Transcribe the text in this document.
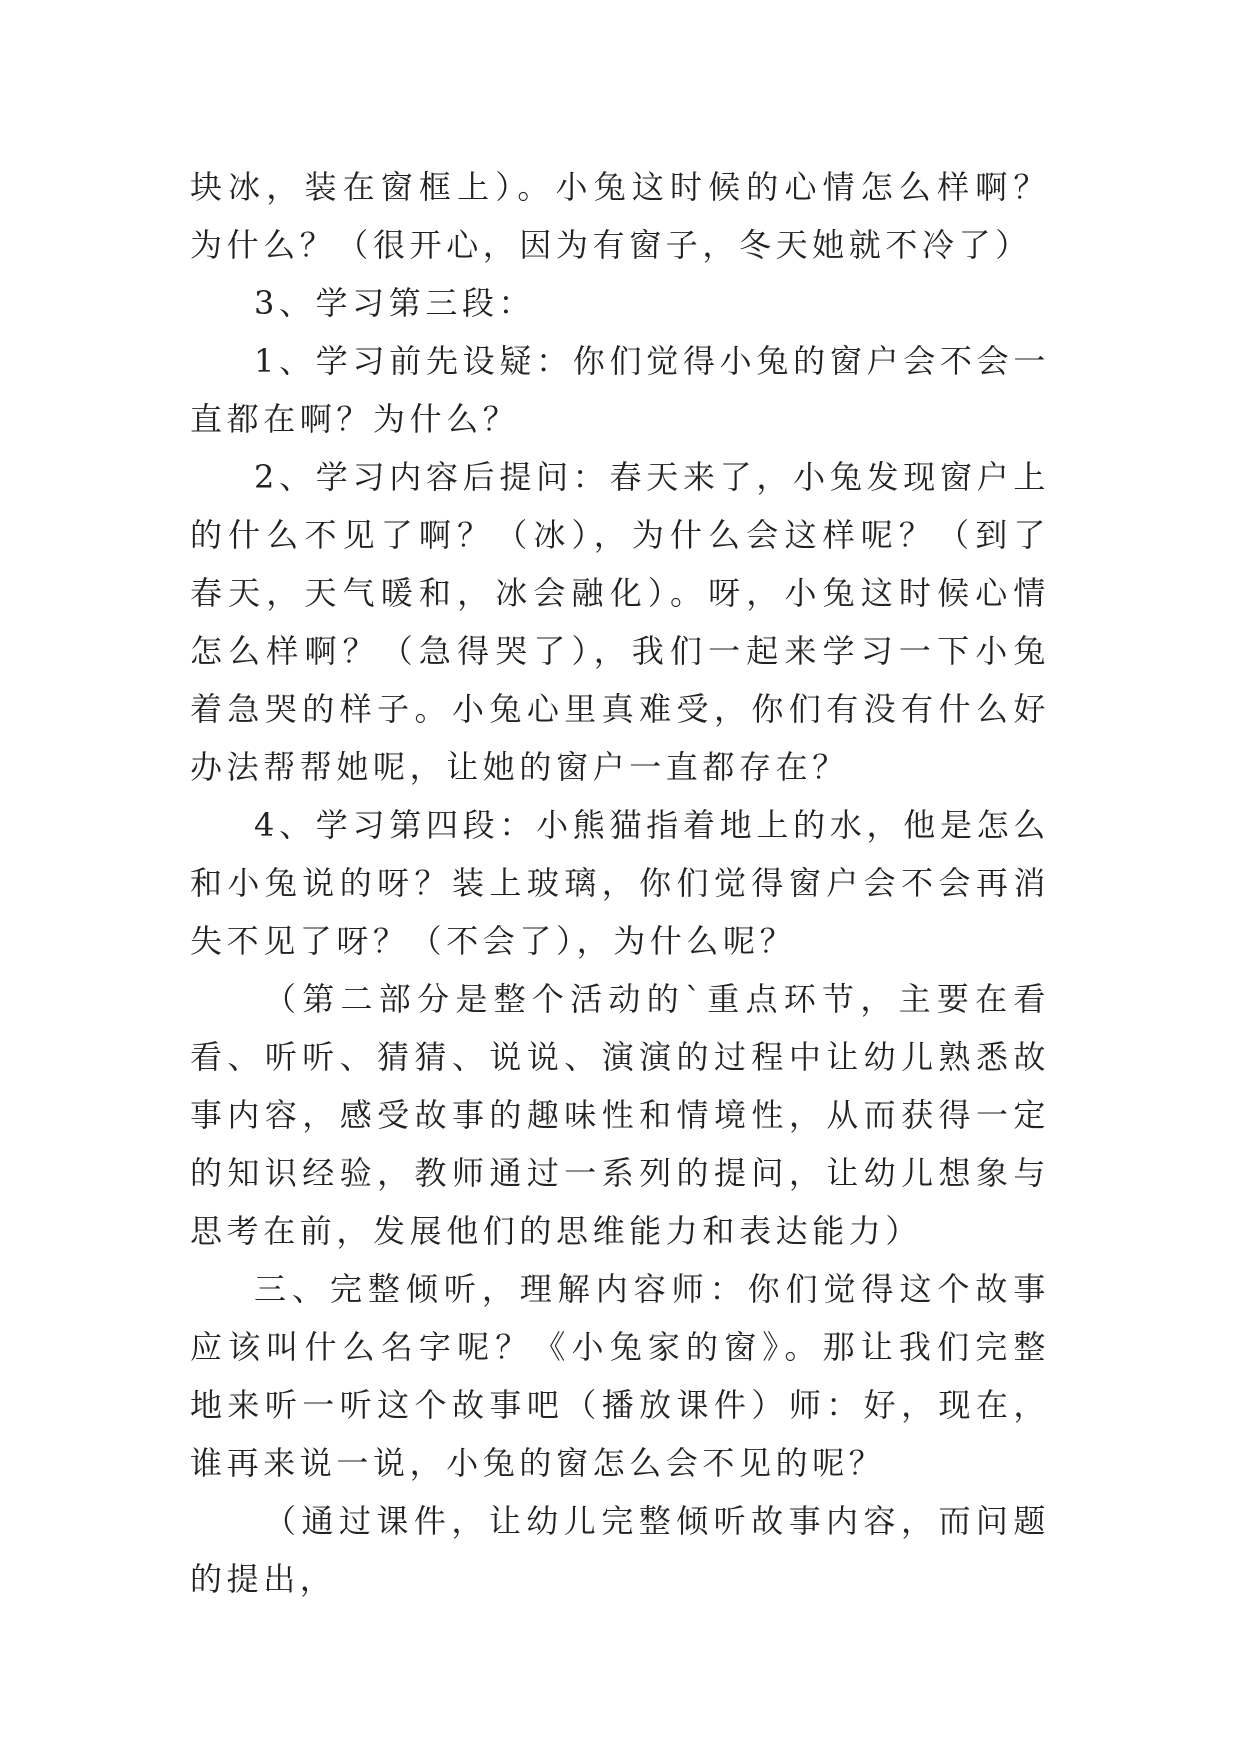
块冰，装在窗框上）。小兔这时候的心情怎么样啊？为什么？（很开心，因为有窗子，冬天她就不冷了）

3、学习第三段：

1、学习前先设疑：你们觉得小兔的窗户会不会一直都在啊？为什么？

2、学习内容后提问：春天来了，小兔发现窗户上的什么不见了啊？（冰），为什么会这样呢？（到了春天，天气暖和，冰会融化）。呀，小兔这时候心情怎么样啊？（急得哭了），我们一起来学习一下小兔着急哭的样子。小兔心里真难受，你们有没有什么好办法帮帮她呢，让她的窗户一直都存在？

4、学习第四段：小熊猫指着地上的水，他是怎么和小兔说的呀？装上玻璃，你们觉得窗户会不会再消失不见了呀？（不会了），为什么呢？

（第二部分是整个活动的`重点环节，主要在看看、听听、猜猜、说说、演演的过程中让幼儿熟悉故事内容，感受故事的趣味性和情境性，从而获得一定的知识经验，教师通过一系列的提问，让幼儿想象与思考在前，发展他们的思维能力和表达能力）

三、完整倾听，理解内容师：你们觉得这个故事应该叫什么名字呢？《小兔家的窗》。那让我们完整地来听一听这个故事吧（播放课件）师：好，现在，谁再来说一说，小兔的窗怎么会不见的呢？

（通过课件，让幼儿完整倾听故事内容，而问题的提出，
